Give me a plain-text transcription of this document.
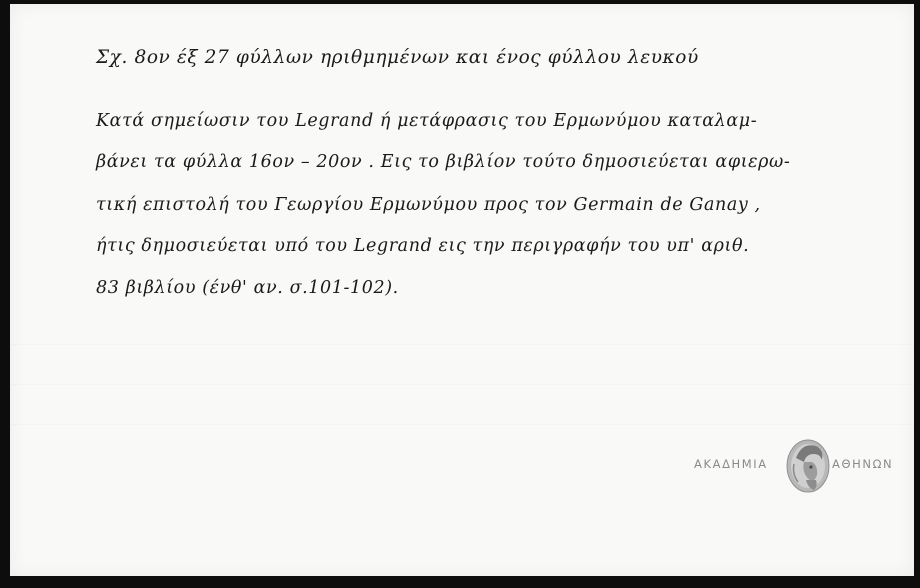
Σχ. 8ον έξ 27 φύλλων ηριθμημένων και ένος φύλλου λευκού
Κατά σημείωσιν του Legrand ή μετάφρασις του Ερμωνύμου καταλαμ-
βάνει τα φύλλα 16ον – 20ον . Εις το βιβλίον τούτο δημοσιεύεται αφιερω-
τική επιστολή του Γεωργίου Ερμωνύμου προς τον Germain de Ganay ,
ήτις δημοσιεύεται υπό του Legrand εις την περιγραφήν του υπ' αριθ.
83 βιβλίου (ένθ' αν. σ.101-102).
ΑΚΑΔΗΜΙΑ	ΑΘΗΝΩΝ
